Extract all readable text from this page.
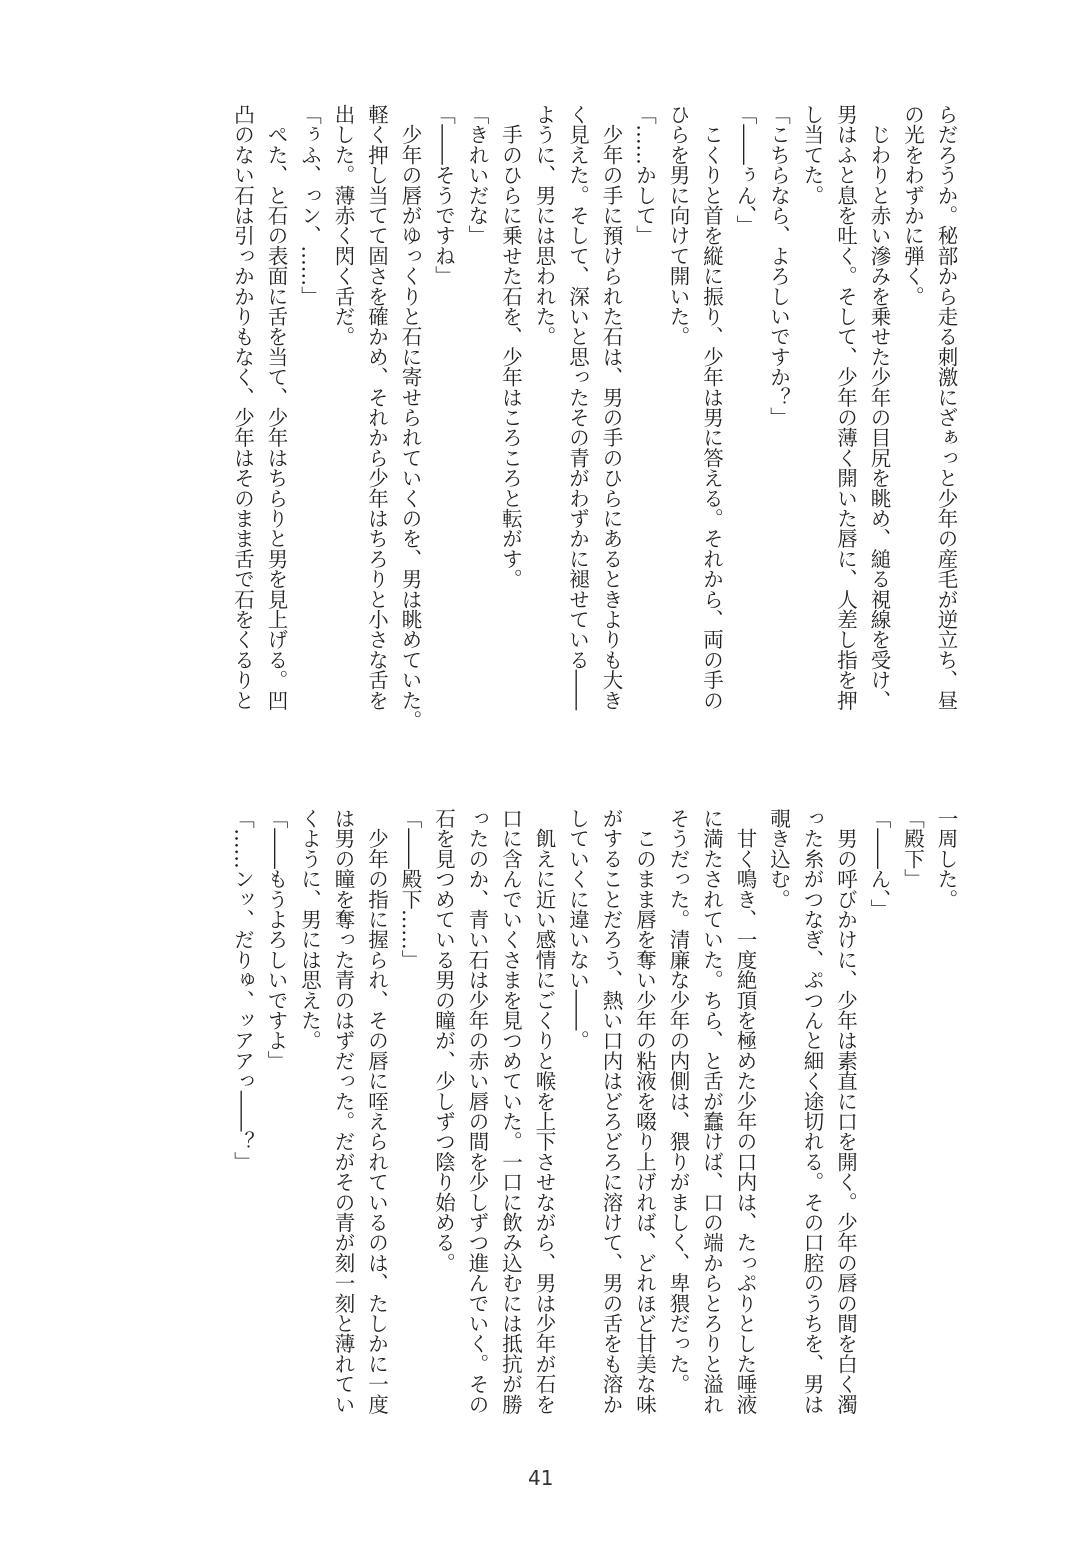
らだろうか。秘部から走る刺激にざぁっと少年の産毛が逆立ち、昼

の光をわずかに弾く。

　じわりと赤い滲みを乗せた少年の目尻を眺め、縋る視線を受け、

男はふと息を吐く。そして、少年の薄く開いた唇に、人差し指を押

し当てた。

「こちらなら、よろしいですか？」

「――ぅん、」

　こくりと首を縦に振り、少年は男に答える。それから、両の手の

ひらを男に向けて開いた。

「……かして」

　少年の手に預けられた石は、男の手のひらにあるときよりも大き

く見えた。そして、深いと思ったその青がわずかに褪せている――

ように、男には思われた。

　手のひらに乗せた石を、少年はころころと転がす。

「きれいだな」

「――そうですね」

　少年の唇がゆっくりと石に寄せられていくのを、男は眺めていた。

軽く押し当てて固さを確かめ、それから少年はちろりと小さな舌を

出した。薄赤く閃く舌だ。

「ぅふ、っン、……」

　ぺた、と石の表面に舌を当て、少年はちらりと男を見上げる。凹

凸のない石は引っかかりもなく、少年はそのまま舌で石をくるりと

一周した。

「殿下」

「――ん、」

　男の呼びかけに、少年は素直に口を開く。少年の唇の間を白く濁

った糸がつなぎ、ぷつんと細く途切れる。その口腔のうちを、男は

覗き込む。

　甘く鳴き、一度絶頂を極めた少年の口内は、たっぷりとした唾液

に満たされていた。ちら、と舌が蠢けば、口の端からとろりと溢れ

そうだった。清廉な少年の内側は、猥りがましく、卑猥だった。

　このまま唇を奪い少年の粘液を啜り上げれば、どれほど甘美な味

がすることだろう、熱い口内はどろどろに溶けて、男の舌をも溶か

していくに違いない――。

　飢えに近い感情にごくりと喉を上下させながら、男は少年が石を

口に含んでいくさまを見つめていた。一口に飲み込むには抵抗が勝

ったのか、青い石は少年の赤い唇の間を少しずつ進んでいく。その

石を見つめている男の瞳が、少しずつ陰り始める。

「――殿下……」

　少年の指に握られ、その唇に咥えられているのは、たしかに一度

は男の瞳を奪った青のはずだった。だがその青が刻一刻と薄れてい

くように、男には思えた。

「――もうよろしいですよ」

「……ンッ、だりゅ、ッアアっ――？」

41
